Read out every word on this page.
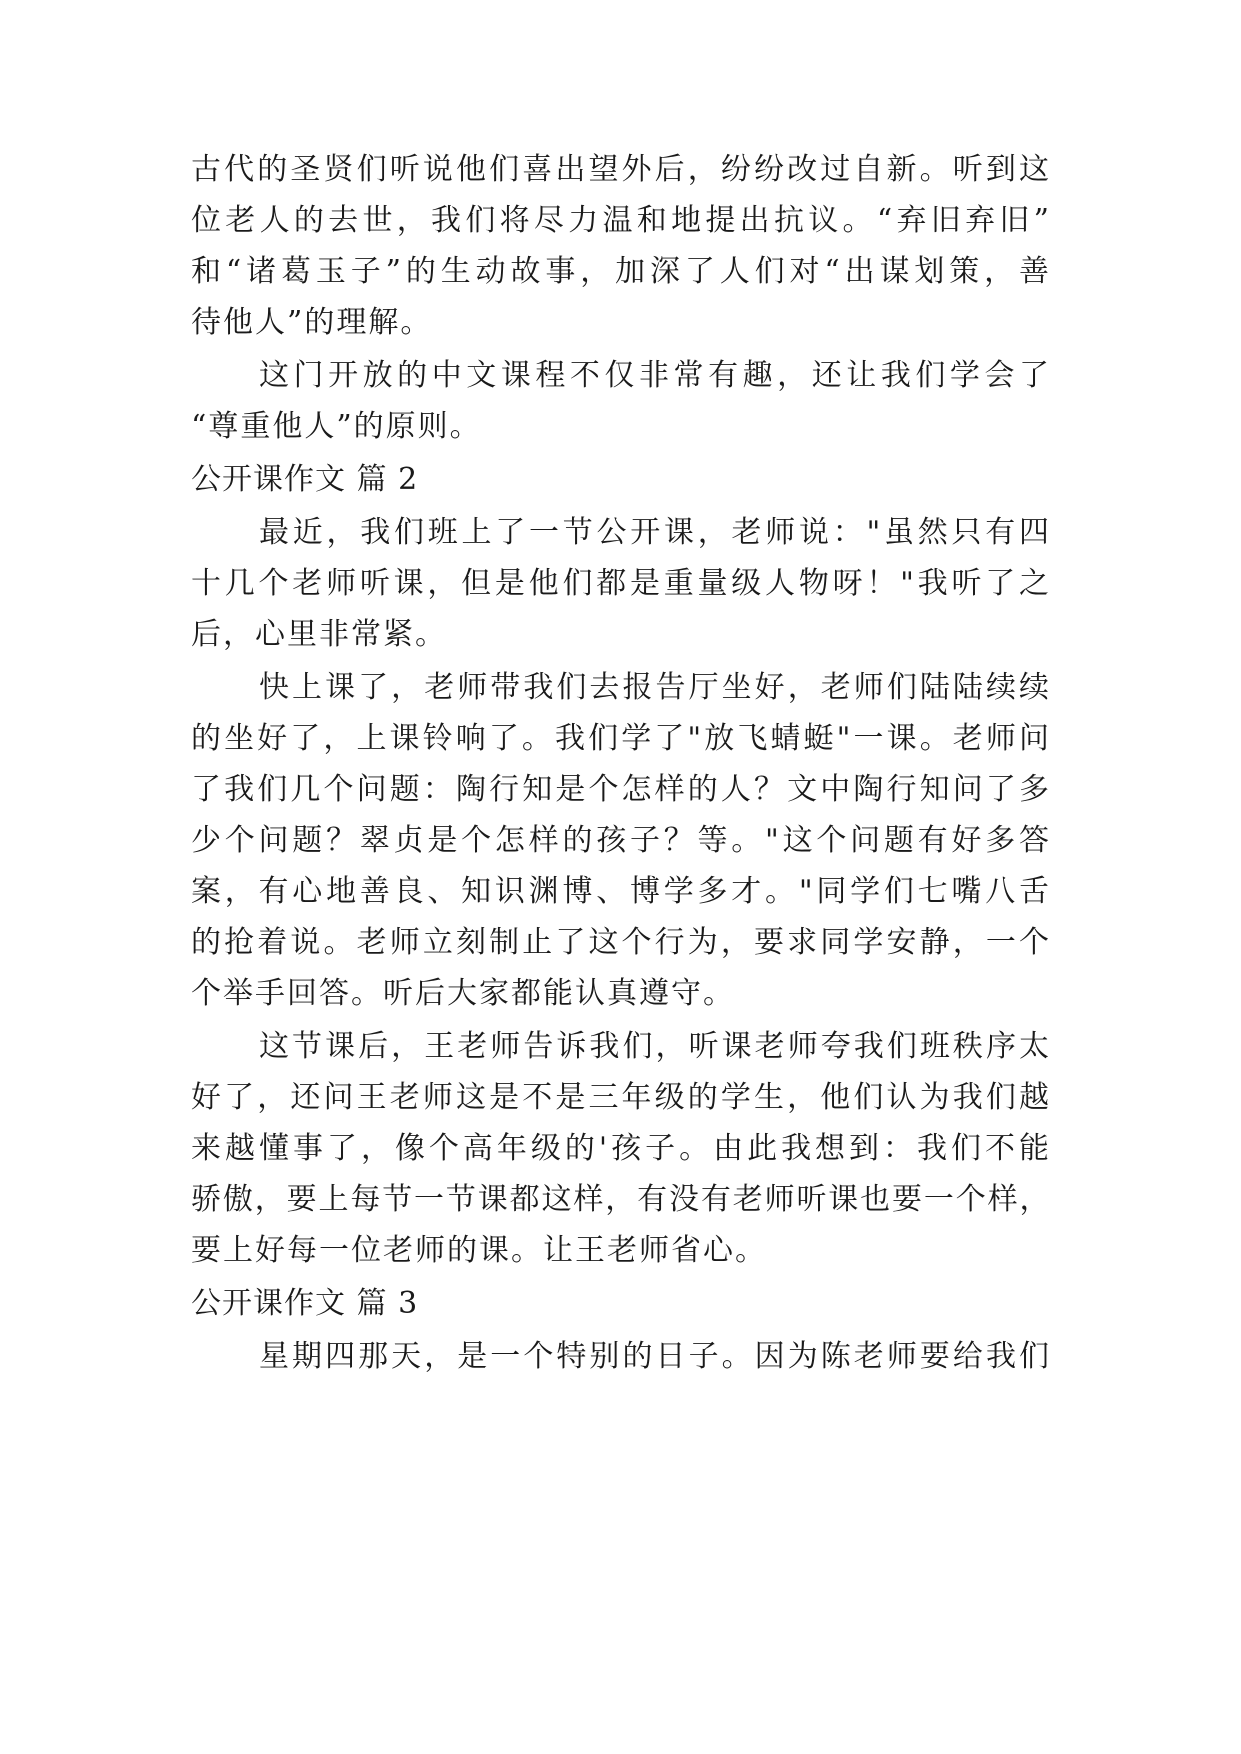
古代的圣贤们听说他们喜出望外后，纷纷改过自新。听到这
位老人的去世，我们将尽力温和地提出抗议。“弃旧弃旧”
和“诸葛玉子”的生动故事，加深了人们对“出谋划策，善
待他人”的理解。
这门开放的中文课程不仅非常有趣，还让我们学会了
“尊重他人”的原则。
公开课作文 篇 2
最近，我们班上了一节公开课，老师说："虽然只有四
十几个老师听课，但是他们都是重量级人物呀！"我听了之
后，心里非常紧。
快上课了，老师带我们去报告厅坐好，老师们陆陆续续
的坐好了，上课铃响了。我们学了"放飞蜻蜓"一课。老师问
了我们几个问题：陶行知是个怎样的人？文中陶行知问了多
少个问题？翠贞是个怎样的孩子？等。"这个问题有好多答
案，有心地善良、知识渊博、博学多才。"同学们七嘴八舌
的抢着说。老师立刻制止了这个行为，要求同学安静，一个
个举手回答。听后大家都能认真遵守。
这节课后，王老师告诉我们，听课老师夸我们班秩序太
好了，还问王老师这是不是三年级的学生，他们认为我们越
来越懂事了，像个高年级的'孩子。由此我想到：我们不能
骄傲，要上每节一节课都这样，有没有老师听课也要一个样，
要上好每一位老师的课。让王老师省心。
公开课作文 篇 3
星期四那天，是一个特别的日子。因为陈老师要给我们
